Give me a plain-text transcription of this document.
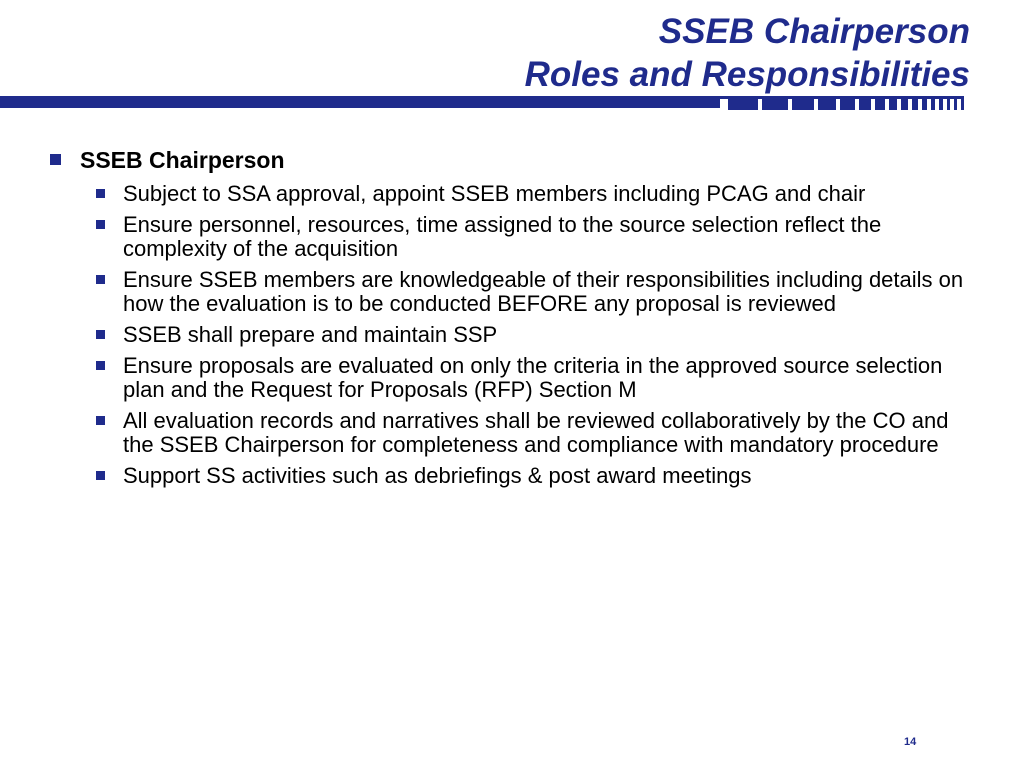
SSEB Chairperson
Roles and Responsibilities
SSEB Chairperson
Subject to SSA approval, appoint SSEB members including PCAG and chair
Ensure personnel, resources, time assigned to the source selection reflect the complexity of the acquisition
Ensure SSEB members are knowledgeable of their responsibilities including details on how the evaluation is to be conducted BEFORE any proposal is reviewed
SSEB shall prepare and maintain SSP
Ensure proposals are evaluated on only the criteria in the approved source selection plan and the Request for Proposals (RFP) Section M
All evaluation records and narratives shall be reviewed collaboratively by the CO and the SSEB Chairperson for completeness and compliance with mandatory procedure
Support SS activities such as debriefings & post award meetings
14
